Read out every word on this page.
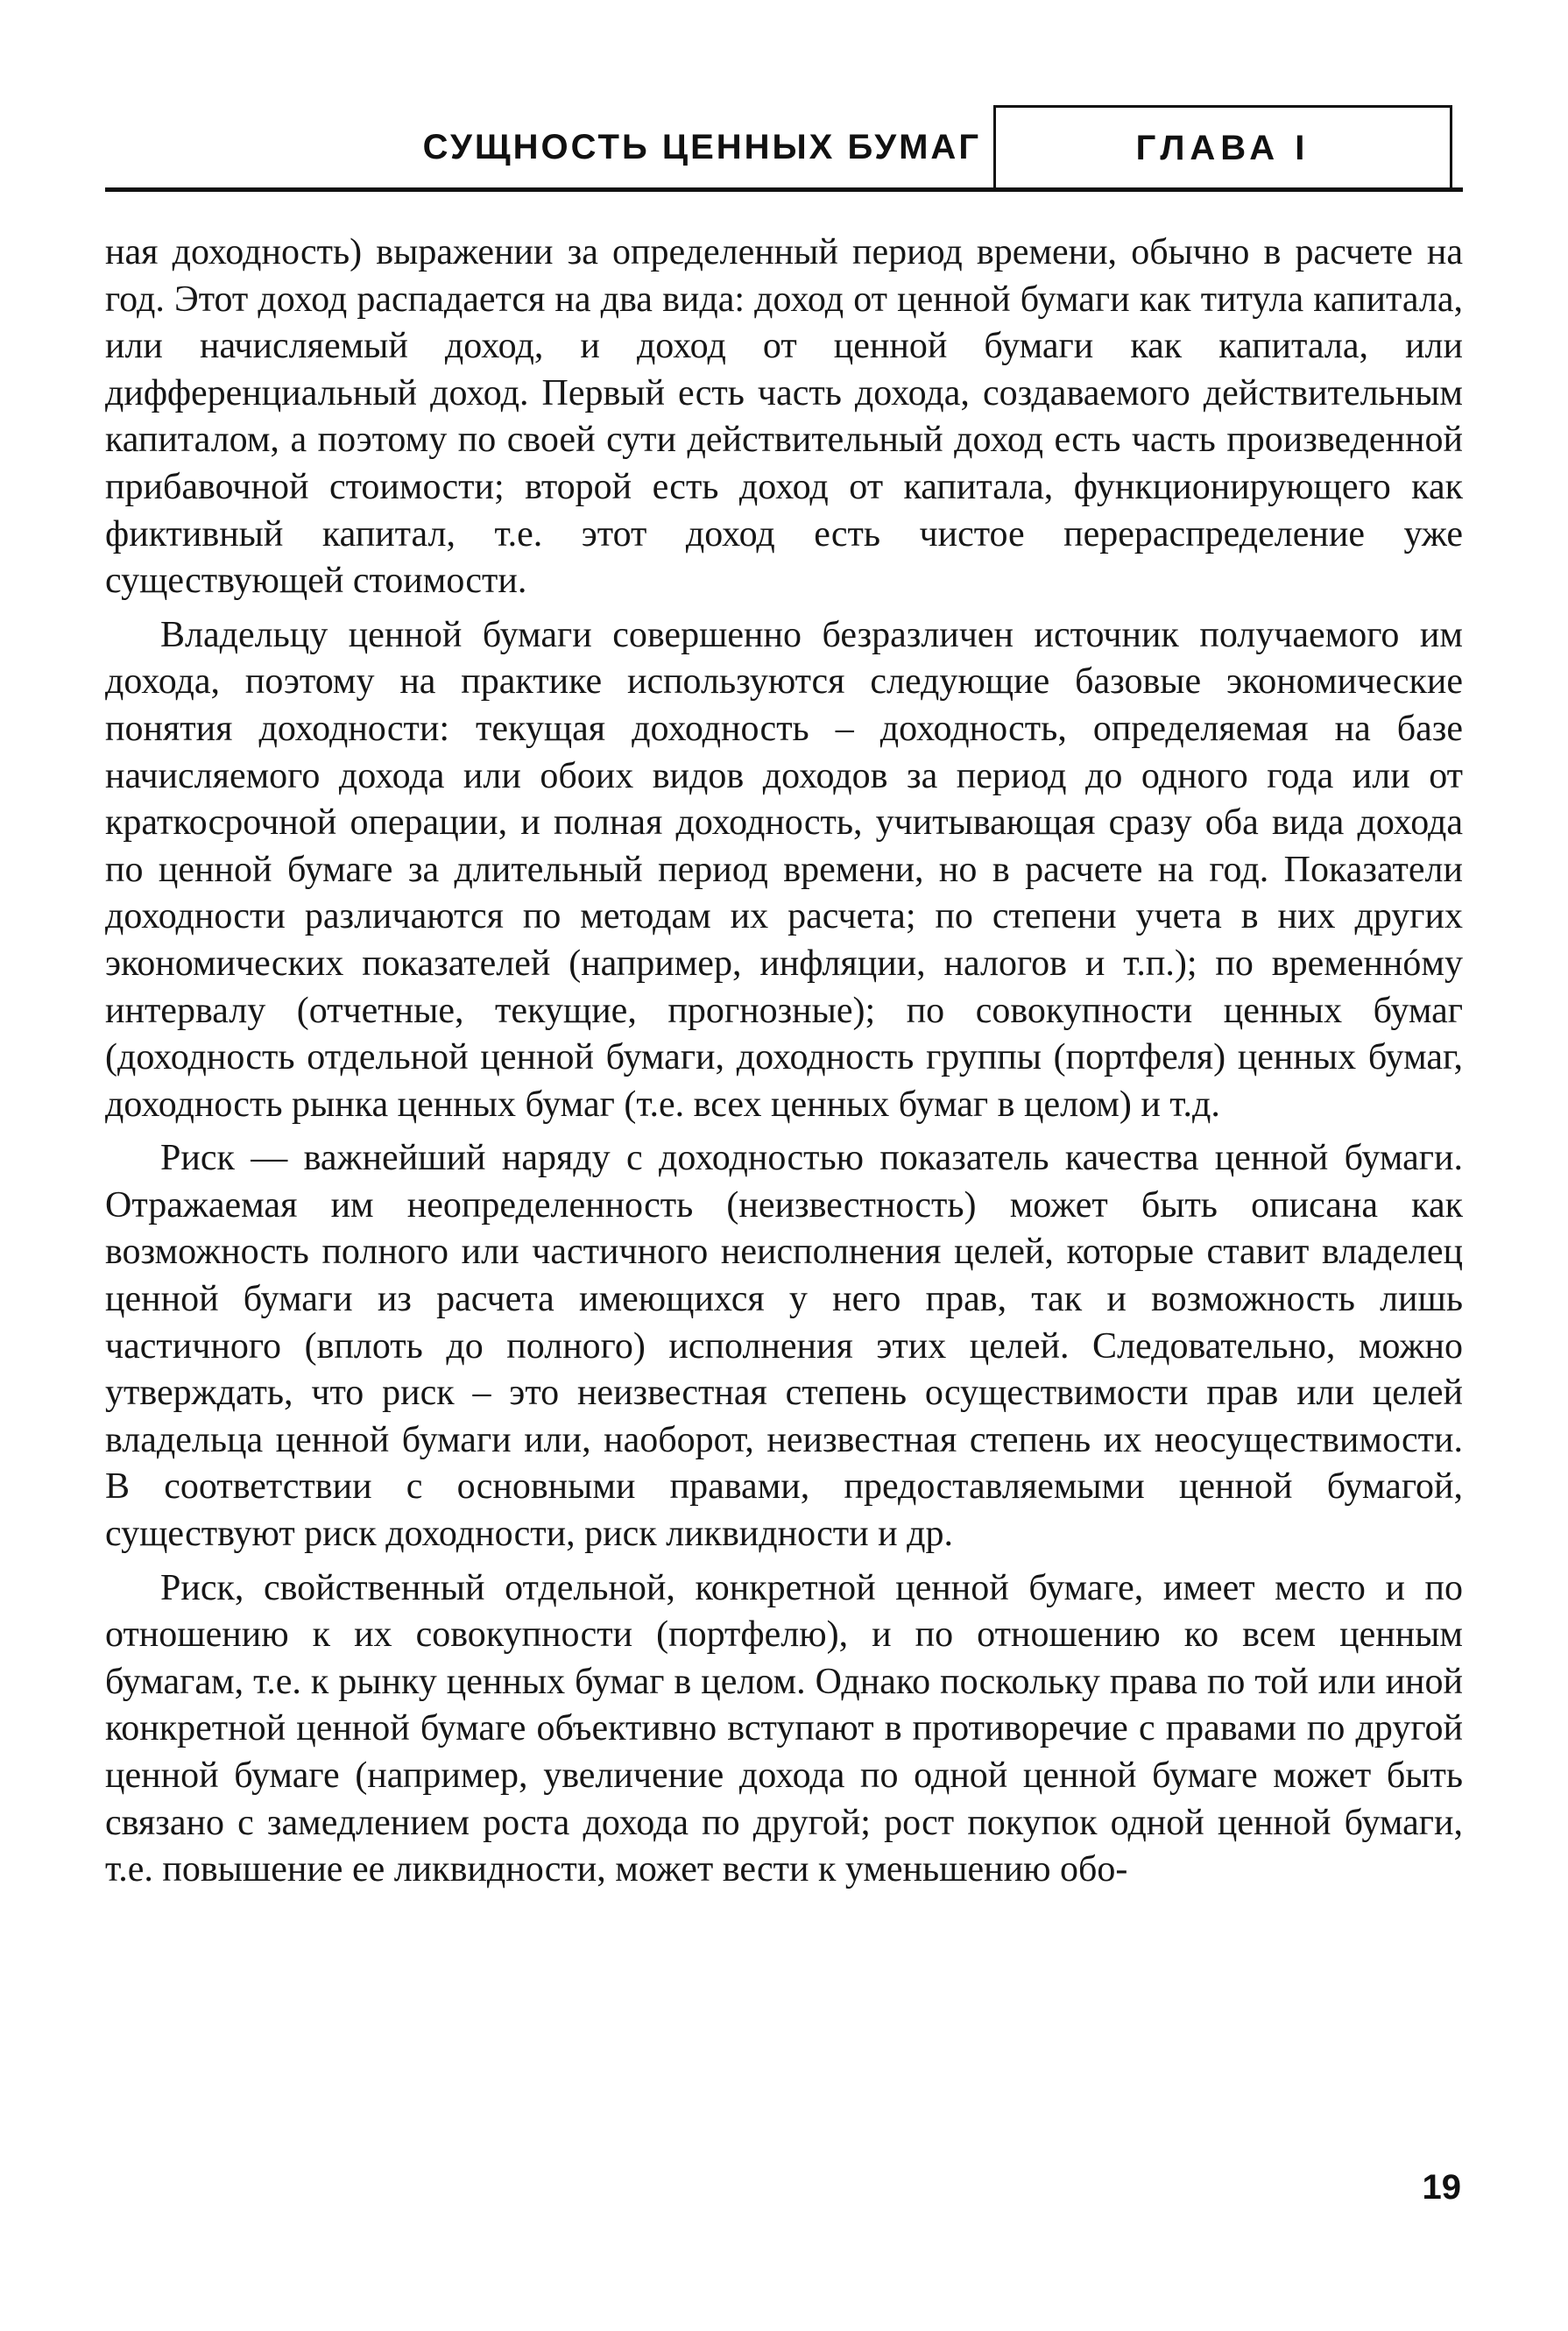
СУЩНОСТЬ ЦЕННЫХ БУМАГ	ГЛАВА I

ная доходность) выражении за определенный период времени, обычно в расчете на год. Этот доход распадается на два вида: доход от ценной бумаги как титула капитала, или начисляемый доход, и доход от ценной бумаги как капитала, или дифференциальный доход. Первый есть часть дохода, создаваемого действительным капиталом, а поэтому по своей сути действительный доход есть часть произведенной прибавочной стоимости; второй есть доход от капитала, функционирующего как фиктивный капитал, т.е. этот доход есть чистое перераспределение уже существующей стоимости.

Владельцу ценной бумаги совершенно безразличен источник получаемого им дохода, поэтому на практике используются следующие базовые экономические понятия доходности: текущая доходность – доходность, определяемая на базе начисляемого дохода или обоих видов доходов за период до одного года или от краткосрочной операции, и полная доходность, учитывающая сразу оба вида дохода по ценной бумаге за длительный период времени, но в расчете на год. Показатели доходности различаются по методам их расчета; по степени учета в них других экономических показателей (например, инфляции, налогов и т.п.); по временнóму интервалу (отчетные, текущие, прогнозные); по совокупности ценных бумаг (доходность отдельной ценной бумаги, доходность группы (портфеля) ценных бумаг, доходность рынка ценных бумаг (т.е. всех ценных бумаг в целом) и т.д.

Риск — важнейший наряду с доходностью показатель качества ценной бумаги. Отражаемая им неопределенность (неизвестность) может быть описана как возможность полного или частичного неисполнения целей, которые ставит владелец ценной бумаги из расчета имеющихся у него прав, так и возможность лишь частичного (вплоть до полного) исполнения этих целей. Следовательно, можно утверждать, что риск – это неизвестная степень осуществимости прав или целей владельца ценной бумаги или, наоборот, неизвестная степень их неосуществимости. В соответствии с основными правами, предоставляемыми ценной бумагой, существуют риск доходности, риск ликвидности и др.

Риск, свойственный отдельной, конкретной ценной бумаге, имеет место и по отношению к их совокупности (портфелю), и по отношению ко всем ценным бумагам, т.е. к рынку ценных бумаг в целом. Однако поскольку права по той или иной конкретной ценной бумаге объективно вступают в противоречие с правами по другой ценной бумаге (например, увеличение дохода по одной ценной бумаге может быть связано с замедлением роста дохода по другой; рост покупок одной ценной бумаги, т.е. повышение ее ликвидности, может вести к уменьшению обо-

19
